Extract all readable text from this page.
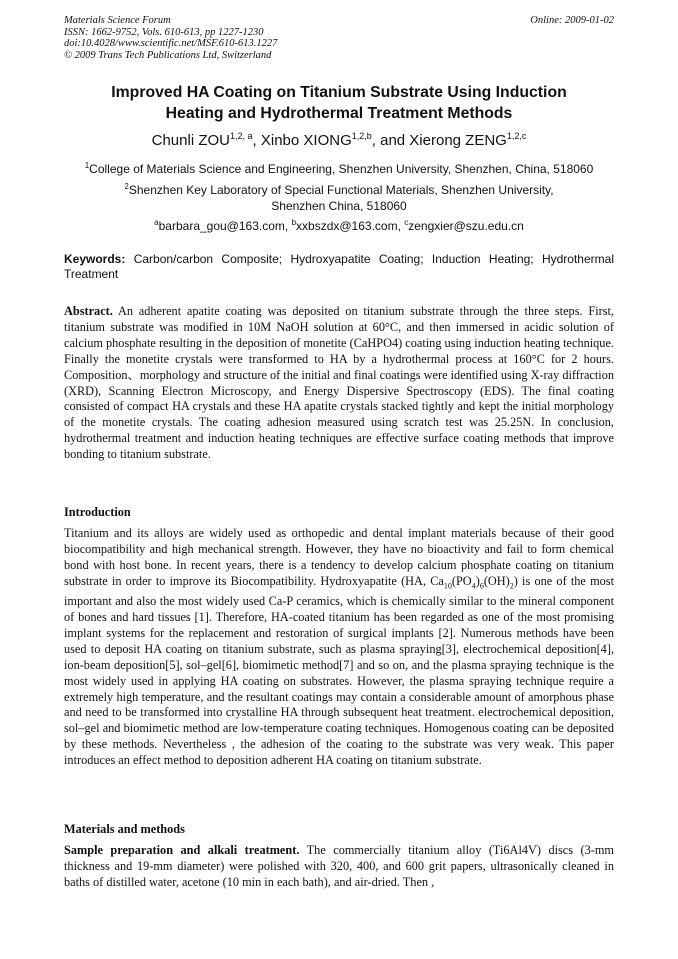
Materials Science Forum
ISSN: 1662-9752, Vols. 610-613, pp 1227-1230
doi:10.4028/www.scientific.net/MSF.610-613.1227
© 2009 Trans Tech Publications Ltd, Switzerland
Online: 2009-01-02
Improved HA Coating on Titanium Substrate Using Induction
Heating and Hydrothermal Treatment Methods
Chunli ZOU$^{1,2, a}$, Xinbo XIONG$^{1,2,b}$, and Xierong ZENG$^{1,2,c}$
$^1$College of Materials Science and Engineering, Shenzhen University, Shenzhen, China, 518060
$^2$Shenzhen Key Laboratory of Special Functional Materials, Shenzhen University,
Shenzhen China, 518060
$^a$barbara_gou@163.com, $^b$xxbszdx@163.com, $^c$zengxier@szu.edu.cn
Keywords: Carbon/carbon Composite; Hydroxyapatite Coating; Induction Heating; Hydrothermal Treatment
Abstract. An adherent apatite coating was deposited on titanium substrate through the three steps. First, titanium substrate was modified in 10M NaOH solution at 60°C, and then immersed in acidic solution of calcium phosphate resulting in the deposition of monetite (CaHPO4) coating using induction heating technique. Finally the monetite crystals were transformed to HA by a hydrothermal process at 160°C for 2 hours. Composition、morphology and structure of the initial and final coatings were identified using X-ray diffraction (XRD), Scanning Electron Microscopy, and Energy Dispersive Spectroscopy (EDS). The final coating consisted of compact HA crystals and these HA apatite crystals stacked tightly and kept the initial morphology of the monetite crystals. The coating adhesion measured using scratch test was 25.25N. In conclusion, hydrothermal treatment and induction heating techniques are effective surface coating methods that improve bonding to titanium substrate.
Introduction
Titanium and its alloys are widely used as orthopedic and dental implant materials because of their good biocompatibility and high mechanical strength. However, they have no bioactivity and fail to form chemical bond with host bone. In recent years, there is a tendency to develop calcium phosphate coating on titanium substrate in order to improve its Biocompatibility. Hydroxyapatite (HA, $Ca_{10}(PO_4)_6(OH)_2$) is one of the most important and also the most widely used Ca-P ceramics, which is chemically similar to the mineral component of bones and hard tissues [1]. Therefore, HA-coated titanium has been regarded as one of the most promising implant systems for the replacement and restoration of surgical implants [2]. Numerous methods have been used to deposit HA coating on titanium substrate, such as plasma spraying[3], electrochemical deposition[4], ion-beam deposition[5], sol–gel[6], biomimetic method[7] and so on, and the plasma spraying technique is the most widely used in applying HA coating on substrates. However, the plasma spraying technique require a extremely high temperature, and the resultant coatings may contain a considerable amount of amorphous phase and need to be transformed into crystalline HA through subsequent heat treatment. electrochemical deposition, sol–gel and biomimetic method are low-temperature coating techniques. Homogenous coating can be deposited by these methods. Nevertheless , the adhesion of the coating to the substrate was very weak. This paper introduces an effect method to deposition adherent HA coating on titanium substrate.
Materials and methods
Sample preparation and alkali treatment. The commercially titanium alloy (Ti6Al4V) discs (3-mm thickness and 19-mm diameter) were polished with 320, 400, and 600 grit papers, ultrasonically cleaned in baths of distilled water, acetone (10 min in each bath), and air-dried. Then ,
